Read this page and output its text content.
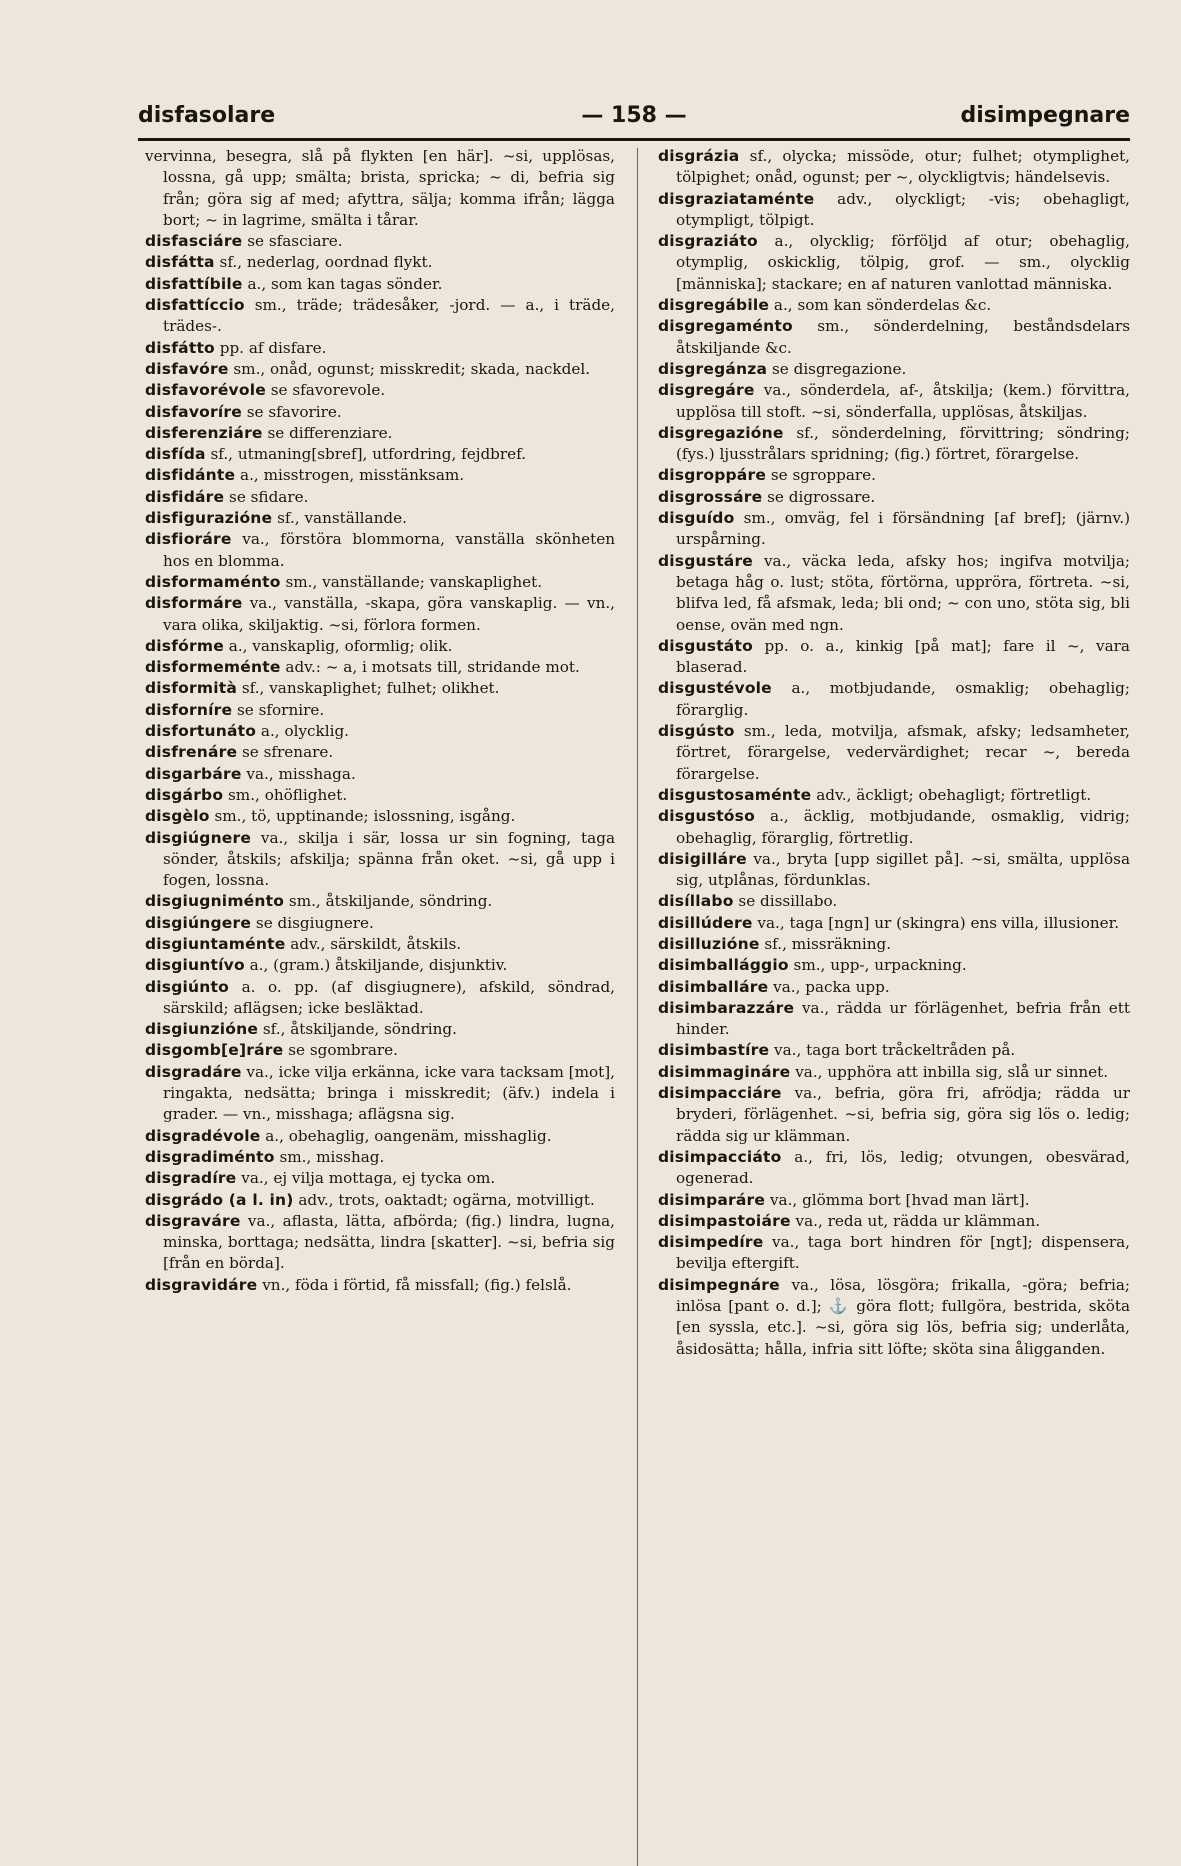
disfasolare	— 158 —	disimpegnare

vervinna, besegra, slå på flykten [en här]. ~si, upplösas, lossna, gå upp; smälta; brista, spricka; ~ di, befria sig från; göra sig af med; afyttra, sälja; komma ifrån; lägga bort; ~ in lagrime, smälta i tårar.

disfasciáre se sfasciare.

disfátta sf., nederlag, oordnad flykt.

disfattíbile a., som kan tagas sönder.

disfattíccio sm., träde; trädesåker, -jord. — a., i träde, trädes-.

disfátto pp. af disfare.

disfavóre sm., onåd, ogunst; misskredit; skada, nackdel.

disfavorévole se sfavorevole.

disfavoríre se sfavorire.

disferenziáre se differenziare.

disfída sf., utmaning[sbref], utfordring, fejdbref.

disfidánte a., misstrogen, misstänksam.

disfidáre se sfidare.

disfigurazióne sf., vanställande.

disfioráre va., förstöra blommorna, vanställa skönheten hos en blomma.

disformaménto sm., vanställande; vanskaplighet.

disformáre va., vanställa, -skapa, göra vanskaplig. — vn., vara olika, skiljaktig. ~si, förlora formen.

disfórme a., vanskaplig, oformlig; olik.

disformeménte adv.: ~ a, i motsats till, stridande mot.

disformità sf., vanskaplighet; fulhet; olikhet.

disforníre se sfornire.

disfortunáto a., olycklig.

disfrenáre se sfrenare.

disgarbáre va., misshaga.

disgárbo sm., ohöflighet.

disgèlo sm., tö, upptinande; islossning, isgång.

disgiúgnere va., skilja i sär, lossa ur sin fogning, taga sönder, åtskils; afskilja; spänna från oket. ~si, gå upp i fogen, lossna.

disgiugniménto sm., åtskiljande, söndring.

disgiúngere se disgiugnere.

disgiuntaménte adv., särskildt, åtskils.

disgiuntívo a., (gram.) åtskiljande, disjunktiv.

disgiúnto a. o. pp. (af disgiugnere), afskild, söndrad, särskild; aflägsen; icke besläktad.

disgiunzióne sf., åtskiljande, söndring.

disgomb[e]ráre se sgombrare.

disgradáre va., icke vilja erkänna, icke vara tacksam [mot], ringakta, nedsätta; bringa i misskredit; (äfv.) indela i grader. — vn., misshaga; aflägsna sig.

disgradévole a., obehaglig, oangenäm, misshaglig.

disgradiménto sm., misshag.

disgradíre va., ej vilja mottaga, ej tycka om.

disgrádo (a l. in) adv., trots, oaktadt; ogärna, motvilligt.

disgraváre va., aflasta, lätta, afbörda; (fig.) lindra, lugna, minska, borttaga; nedsätta, lindra [skatter]. ~si, befria sig [från en börda].

disgravidáre vn., föda i förtid, få missfall; (fig.) felslå.

disgrázia sf., olycka; missöde, otur; fulhet; otymplighet, tölpighet; onåd, ogunst; per ~, olyckligtvis; händelsevis.

disgraziataménte adv., olyckligt; -vis; obehagligt, otympligt, tölpigt.

disgraziáto a., olycklig; förföljd af otur; obehaglig, otymplig, oskicklig, tölpig, grof. — sm., olycklig [människa]; stackare; en af naturen vanlottad människa.

disgregábile a., som kan sönderdelas &c.

disgregaménto sm., sönderdelning, beståndsdelars åtskiljande &c.

disgregánza se disgregazione.

disgregáre va., sönderdela, af-, åtskilja; (kem.) förvittra, upplösa till stoft. ~si, sönderfalla, upplösas, åtskiljas.

disgregazióne sf., sönderdelning, förvittring; söndring; (fys.) ljusstrålars spridning; (fig.) förtret, förargelse.

disgroppáre se sgroppare.

disgrossáre se digrossare.

disguído sm., omväg, fel i försändning [af bref]; (järnv.) urspårning.

disgustáre va., väcka leda, afsky hos; ingifva motvilja; betaga håg o. lust; stöta, förtörna, uppröra, förtreta. ~si, blifva led, få afsmak, leda; bli ond; ~ con uno, stöta sig, bli oense, ovän med ngn.

disgustáto pp. o. a., kinkig [på mat]; fare il ~, vara blaserad.

disgustévole a., motbjudande, osmaklig; obehaglig; förarglig.

disgústo sm., leda, motvilja, afsmak, afsky; ledsamheter, förtret, förargelse, vedervärdighet; recar ~, bereda förargelse.

disgustosaménte adv., äckligt; obehagligt; förtretligt.

disgustóso a., äcklig, motbjudande, osmaklig, vidrig; obehaglig, förarglig, förtretlig.

disigilláre va., bryta [upp sigillet på]. ~si, smälta, upplösa sig, utplånas, fördunklas.

disíllabo se dissillabo.

disillúdere va., taga [ngn] ur (skingra) ens villa, illusioner.

disilluzióne sf., missräkning.

disimballággio sm., upp-, urpackning.

disimballáre va., packa upp.

disimbarazzáre va., rädda ur förlägenhet, befria från ett hinder.

disimbastíre va., taga bort tråckeltråden på.

disimmagináre va., upphöra att inbilla sig, slå ur sinnet.

disimpacciáre va., befria, göra fri, afrödja; rädda ur bryderi, förlägenhet. ~si, befria sig, göra sig lös o. ledig; rädda sig ur klämman.

disimpacciáto a., fri, lös, ledig; otvungen, obesvärad, ogenerad.

disimparáre va., glömma bort [hvad man lärt].

disimpastoiáre va., reda ut, rädda ur klämman.

disimpedíre va., taga bort hindren för [ngt]; dispensera, bevilja eftergift.

disimpegnáre va., lösa, lösgöra; frikalla, -göra; befria; inlösa [pant o. d.]; ⚓ göra flott; fullgöra, bestrida, sköta [en syssla, etc.]. ~si, göra sig lös, befria sig; underlåta, åsidosätta; hålla, infria sitt löfte; sköta sina åligganden.
